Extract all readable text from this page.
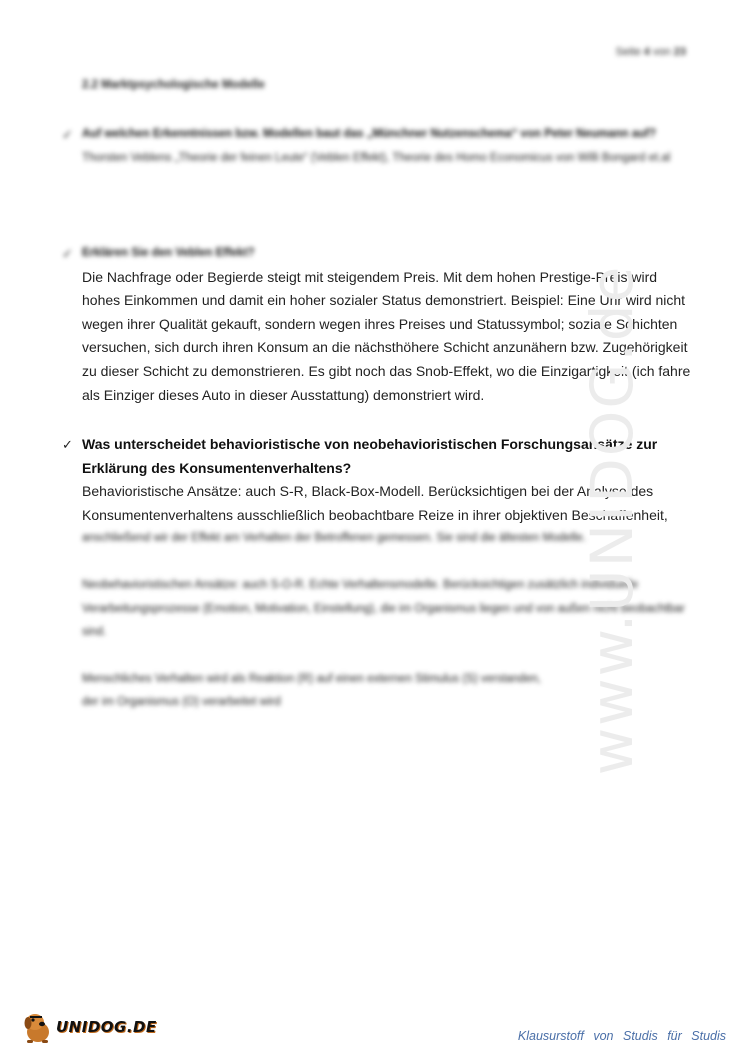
Seite 4 von 23
2.2 Marktpsychologische Modelle
✓ Auf welchen Erkenntnissen bzw. Modellen baut das „Münchner Nutzenschema“ von Peter Neumann auf?
Thorsten Veblens „Theorie der feinen Leute“ (Veblen Effekt), Theorie des Homo Economicus von Willi Bongard et.al
✓ Erklären Sie den Veblen Effekt?
Die Nachfrage oder Begierde steigt mit steigendem Preis. Mit dem hohen Prestige-Preis wird hohes Einkommen und damit ein hoher sozialer Status demonstriert. Beispiel: Eine Uhr wird nicht wegen ihrer Qualität gekauft, sondern wegen ihres Preises und Statussymbol; soziale Schichten versuchen, sich durch ihren Konsum an die nächsthöhere Schicht anzunähern bzw. Zugehörigkeit zu dieser Schicht zu demonstrieren. Es gibt noch das Snob-Effekt, wo die Einzigartigkeit (ich fahre als Einziger dieses Auto in dieser Ausstattung) demonstriert wird.
✓ Was unterscheidet behavioristische von neobehavioristischen Forschungsansätze zur Erklärung des Konsumentenverhaltens?
Behavioristische Ansätze: auch S-R, Black-Box-Modell. Berücksichtigen bei der Analyse des Konsumentenverhaltens ausschließlich beobachtbare Reize in ihrer objektiven Beschaffenheit,
anschließend wir der Effekt am Verhalten der Betroffenen gemessen. Sie sind die ältesten Modelle.
Neobehavioristischen Ansätze: auch S-O-R. Echte Verhaltensmodelle. Berücksichtigen zusätzlich individuelle Verarbeitungsprozesse (Emotion, Motivation, Einstellung), die im Organismus liegen und von außen nicht beobachtbar sind.
Menschliches Verhalten wird als Reaktion (R) auf einen externen Stimulus (S) verstanden, der im Organismus (O) verarbeitet wird	www.UNIDOG.de
UNIDOG.DE	Klausurstoff von Studis für Studis
